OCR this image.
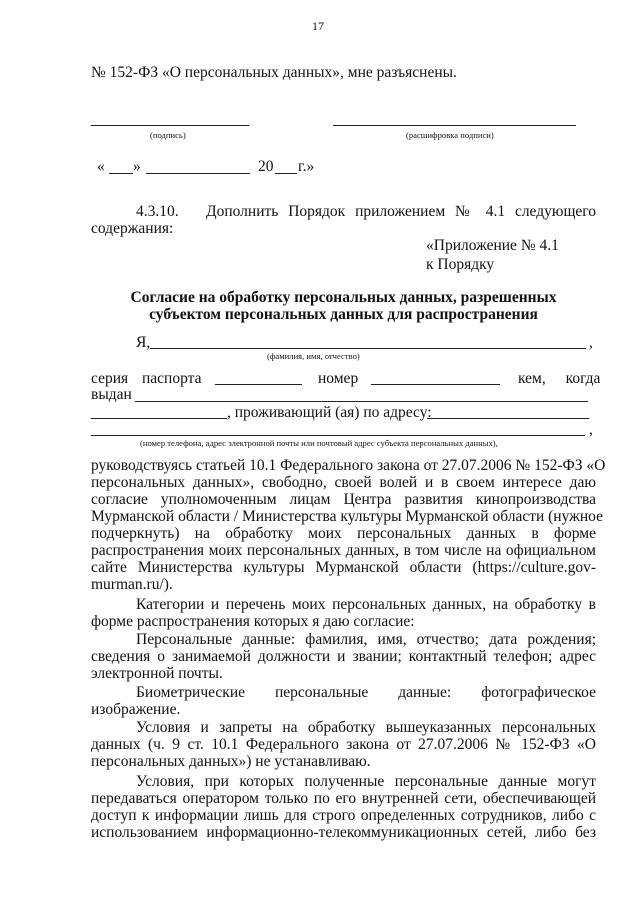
17
№ 152-ФЗ «О персональных данных», мне разъяснены.
(подпись)	(расшифровка подписи)
« »	20 г.»
4.3.10. Дополнить Порядок приложением № 4.1 следующего
содержания:
«Приложение № 4.1
к Порядку
Согласие на обработку персональных данных, разрешенных
субъектом персональных данных для распространения
Я,	,
(фамилия, имя, отчество)
серия паспорта	номер	кем, когда
выдан
, проживающий (ая) по адресу:
,
(номер телефона, адрес электронной почты или почтовый адрес субъекта персональных данных),
руководствуясь статьей 10.1 Федерального закона от 27.07.2006 № 152-ФЗ «О
персональных данных», свободно, своей волей и в своем интересе даю
согласие уполномоченным лицам Центра развития кинопроизводства
Мурманской области / Министерства культуры Мурманской области (нужное
подчеркнуть) на обработку моих персональных данных в форме
распространения моих персональных данных, в том числе на официальном
сайте Министерства культуры Мурманской области (https://culture.gov-
murman.ru/).
Категории и перечень моих персональных данных, на обработку в
форме распространения которых я даю согласие:
Персональные данные: фамилия, имя, отчество; дата рождения;
сведения о занимаемой должности и звании; контактный телефон; адрес
электронной почты.
Биометрические персональные данные: фотографическое
изображение.
Условия и запреты на обработку вышеуказанных персональных
данных (ч. 9 ст. 10.1 Федерального закона от 27.07.2006 № 152-ФЗ «О
персональных данных») не устанавливаю.
Условия, при которых полученные персональные данные могут
передаваться оператором только по его внутренней сети, обеспечивающей
доступ к информации лишь для строго определенных сотрудников, либо с
использованием информационно-телекоммуникационных сетей, либо без
